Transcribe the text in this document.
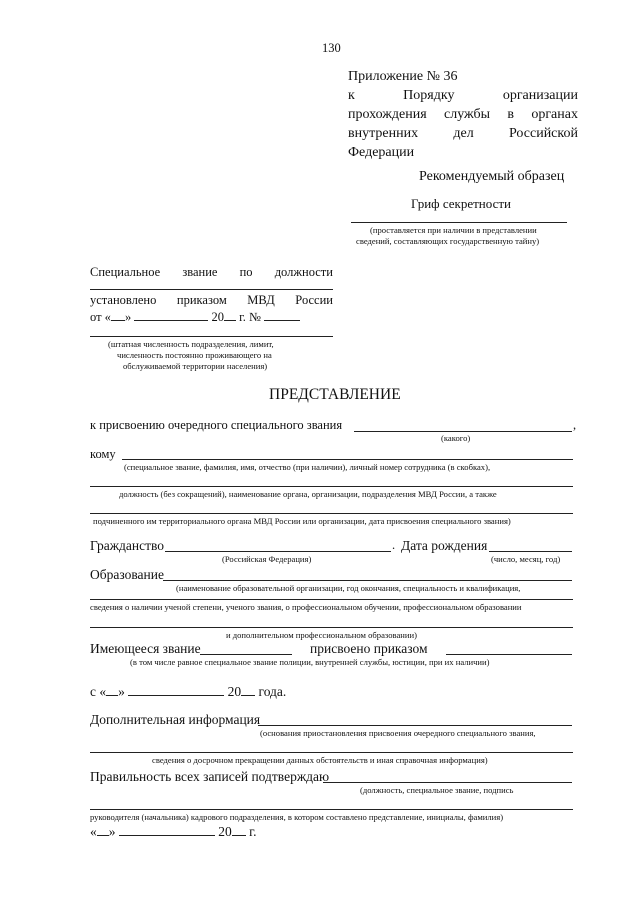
130
Приложение № 36
к	Порядку	организации
прохождения службы в органах
внутренних	дел	Российской
Федерации
Рекомендуемый образец
Гриф секретности
(проставляется при наличии в представлении
сведений, составляющих государственную тайну)
Специальное звание по должности
установлено приказом МВД России
от « »	20 г. №
(штатная численность подразделения, лимит,
численность постоянно проживающего на
обслуживаемой территории населения)
ПРЕДСТАВЛЕНИЕ
к присвоению очередного специального звания	,
(какого)
кому
(специальное звание, фамилия, имя, отчество (при наличии), личный номер сотрудника (в скобках),
должность (без сокращений), наименование органа, организации, подразделения МВД России, а также
подчиненного им территориального органа МВД России или организации, дата присвоения специального звания)
Гражданство	. Дата рождения
(Российская Федерация)	(число, месяц, год)
Образование
(наименование образовательной организации, год окончания, специальность и квалификация,
сведения о наличии ученой степени, ученого звания, о профессиональном обучении, профессиональном образовании
и дополнительном профессиональном образовании)
Имеющееся звание	присвоено приказом
(в том числе равное специальное звание полиции, внутренней службы, юстиции, при их наличии)
с « »	20 года.
Дополнительная информация
(основания приостановления присвоения очередного специального звания,
сведения о досрочном прекращении данных обстоятельств и иная справочная информация)
Правильность всех записей подтверждаю
(должность, специальное звание, подпись
руководителя (начальника) кадрового подразделения, в котором составлено представление, инициалы, фамилия)
« »	20 г.
